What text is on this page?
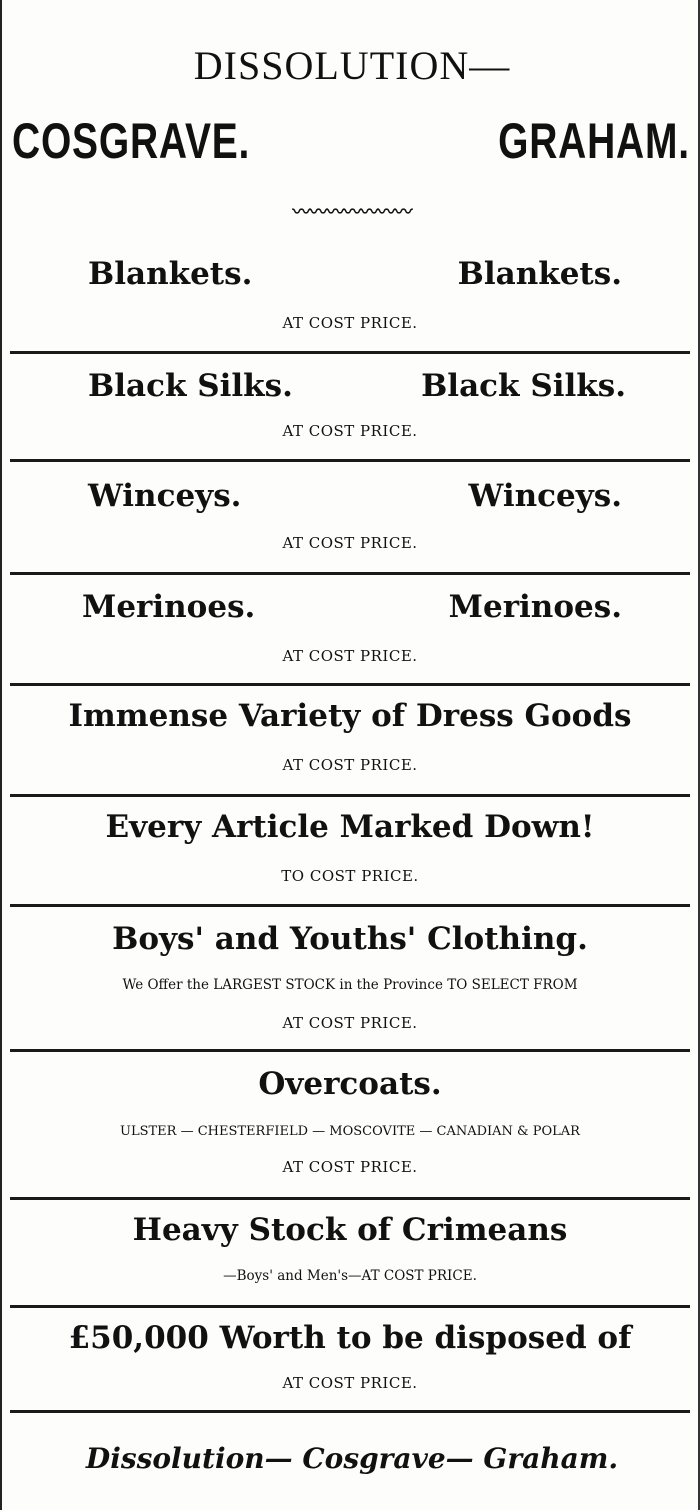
DISSOLUTION—
COSGRAVE.	GRAHAM.
〰〰〰〰〰〰〰
Blankets.	Blankets.
AT COST PRICE.
Black Silks.	Black Silks.
AT COST PRICE.
Winceys.	Winceys.
AT COST PRICE.
Merinoes.	Merinoes.
AT COST PRICE.
Immense Variety of Dress Goods
AT COST PRICE.
Every Article Marked Down!
TO COST PRICE.
Boys' and Youths' Clothing.
We Offer the LARGEST STOCK in the Province TO SELECT FROM
AT COST PRICE.
Overcoats.
ULSTER — CHESTERFIELD — MOSCOVITE — CANADIAN & POLAR
AT COST PRICE.
Heavy Stock of Crimeans
—Boys' and Men's—AT COST PRICE.
£50,000 Worth to be disposed of
AT COST PRICE.
Dissolution— Cosgrave— Graham.
